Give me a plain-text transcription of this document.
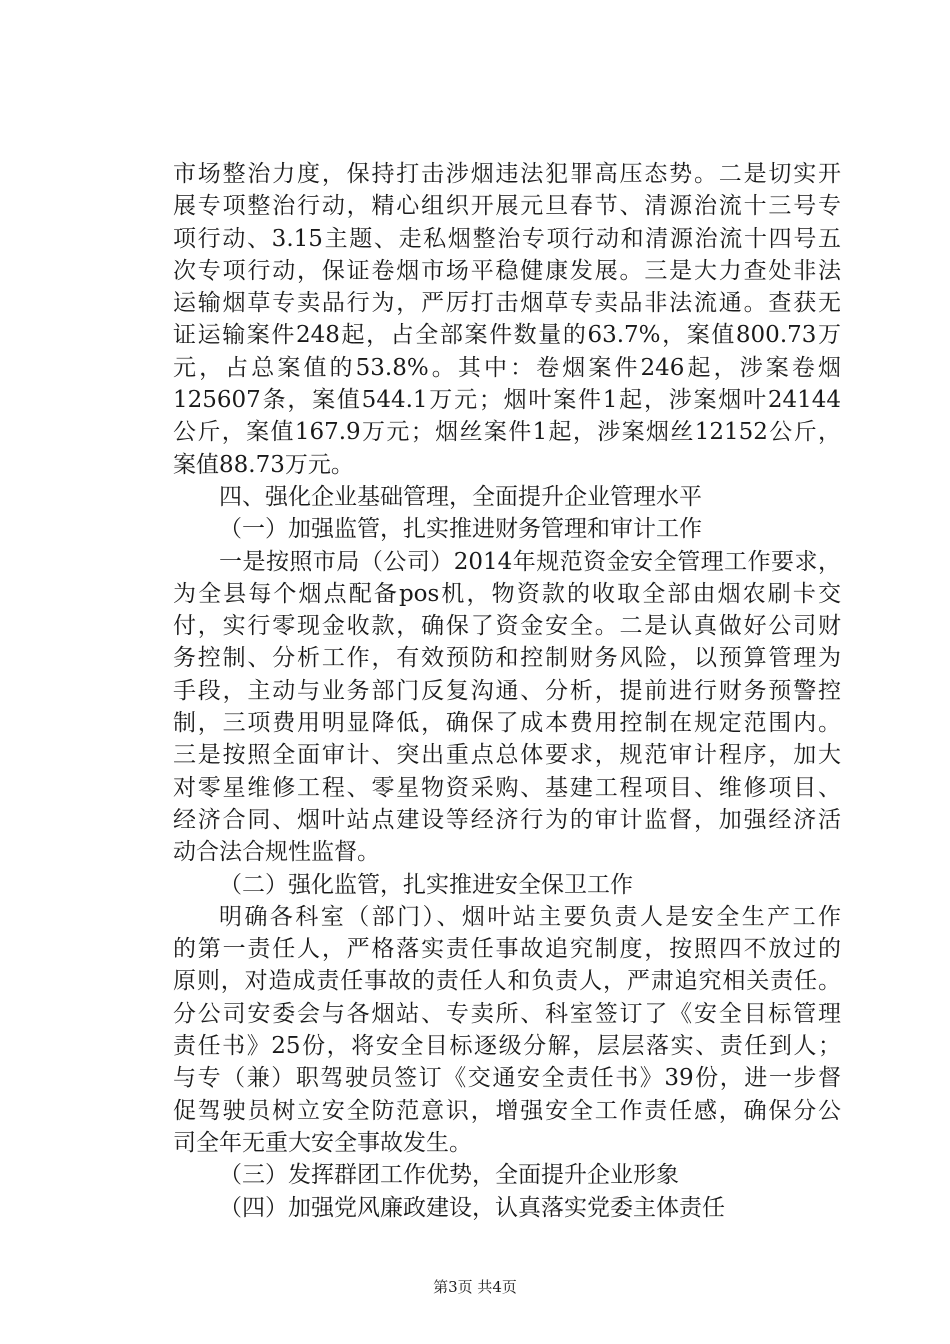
市场整治力度，保持打击涉烟违法犯罪高压态势。二是切实开
展专项整治行动，精心组织开展元旦春节、清源治流十三号专
项行动、3.15主题、走私烟整治专项行动和清源治流十四号五
次专项行动，保证卷烟市场平稳健康发展。三是大力查处非法
运输烟草专卖品行为，严厉打击烟草专卖品非法流通。查获无
证运输案件248起，占全部案件数量的63.7%，案值800.73万
元，占总案值的53.8%。其中：卷烟案件246起，涉案卷烟
125607条，案值544.1万元；烟叶案件1起，涉案烟叶24144
公斤，案值167.9万元；烟丝案件1起，涉案烟丝12152公斤，
案值88.73万元。
四、强化企业基础管理，全面提升企业管理水平
（一）加强监管，扎实推进财务管理和审计工作
一是按照市局（公司）2014年规范资金安全管理工作要求，
为全县每个烟点配备pos机，物资款的收取全部由烟农刷卡交
付，实行零现金收款，确保了资金安全。二是认真做好公司财
务控制、分析工作，有效预防和控制财务风险，以预算管理为
手段，主动与业务部门反复沟通、分析，提前进行财务预警控
制，三项费用明显降低，确保了成本费用控制在规定范围内。
三是按照全面审计、突出重点总体要求，规范审计程序，加大
对零星维修工程、零星物资采购、基建工程项目、维修项目、
经济合同、烟叶站点建设等经济行为的审计监督，加强经济活
动合法合规性监督。
（二）强化监管，扎实推进安全保卫工作
明确各科室（部门）、烟叶站主要负责人是安全生产工作
的第一责任人，严格落实责任事故追究制度，按照四不放过的
原则，对造成责任事故的责任人和负责人，严肃追究相关责任。
分公司安委会与各烟站、专卖所、科室签订了《安全目标管理
责任书》25份，将安全目标逐级分解，层层落实、责任到人；
与专（兼）职驾驶员签订《交通安全责任书》39份，进一步督
促驾驶员树立安全防范意识，增强安全工作责任感，确保分公
司全年无重大安全事故发生。
（三）发挥群团工作优势，全面提升企业形象
（四）加强党风廉政建设，认真落实党委主体责任
第3页 共4页
